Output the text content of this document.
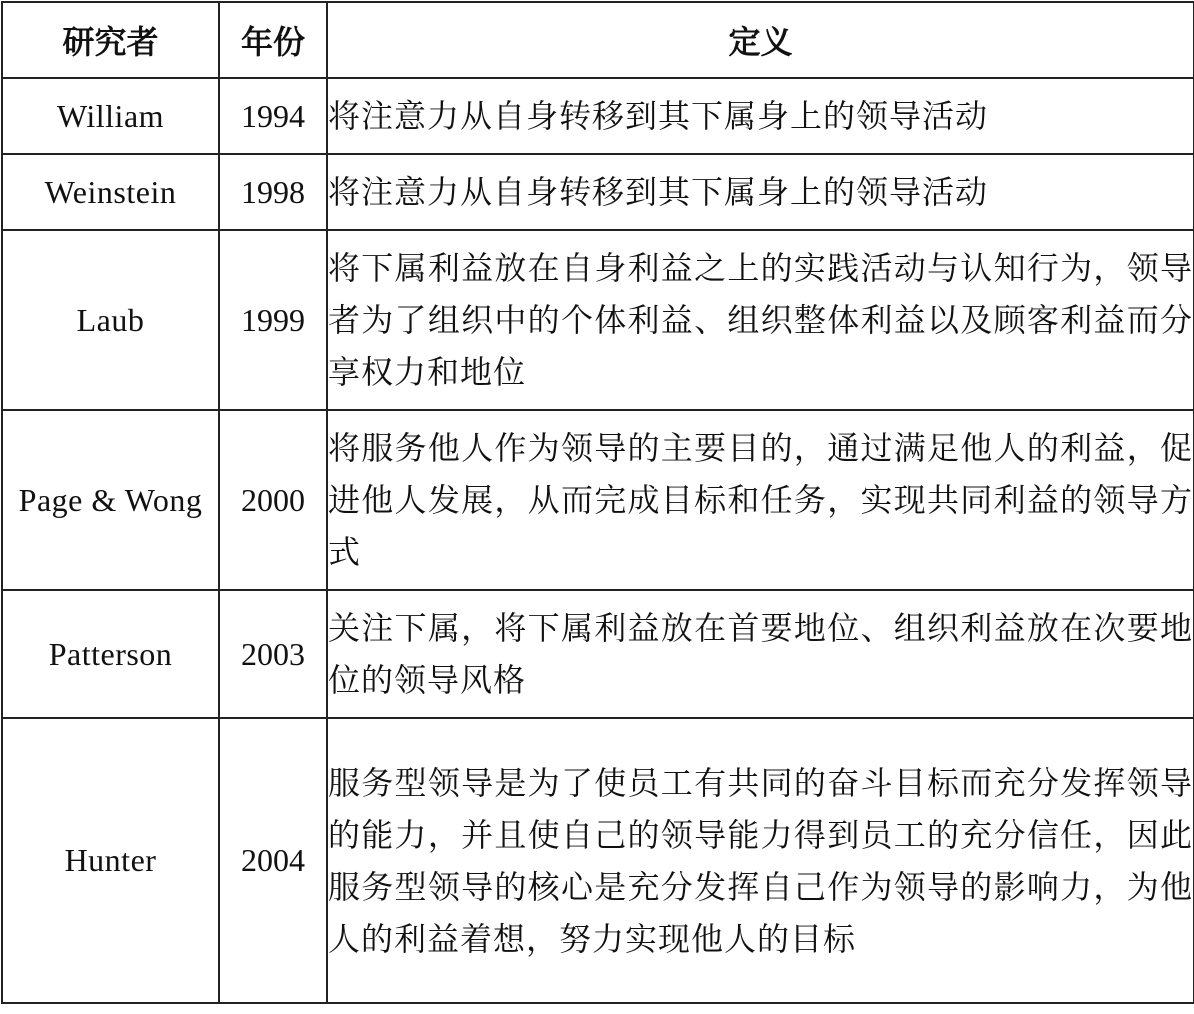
研究者	年份	定义
William	1994	将注意力从自身转移到其下属身上的领导活动
Weinstein	1998	将注意力从自身转移到其下属身上的领导活动
Laub	1999	将下属利益放在自身利益之上的实践活动与认知行为，领导者为了组织中的个体利益、组织整体利益以及顾客利益而分享权力和地位
Page & Wong	2000	将服务他人作为领导的主要目的，通过满足他人的利益，促进他人发展，从而完成目标和任务，实现共同利益的领导方式
Patterson	2003	关注下属，将下属利益放在首要地位、组织利益放在次要地位的领导风格
Hunter	2004	服务型领导是为了使员工有共同的奋斗目标而充分发挥领导的能力，并且使自己的领导能力得到员工的充分信任，因此服务型领导的核心是充分发挥自己作为领导的影响力，为他人的利益着想，努力实现他人的目标
